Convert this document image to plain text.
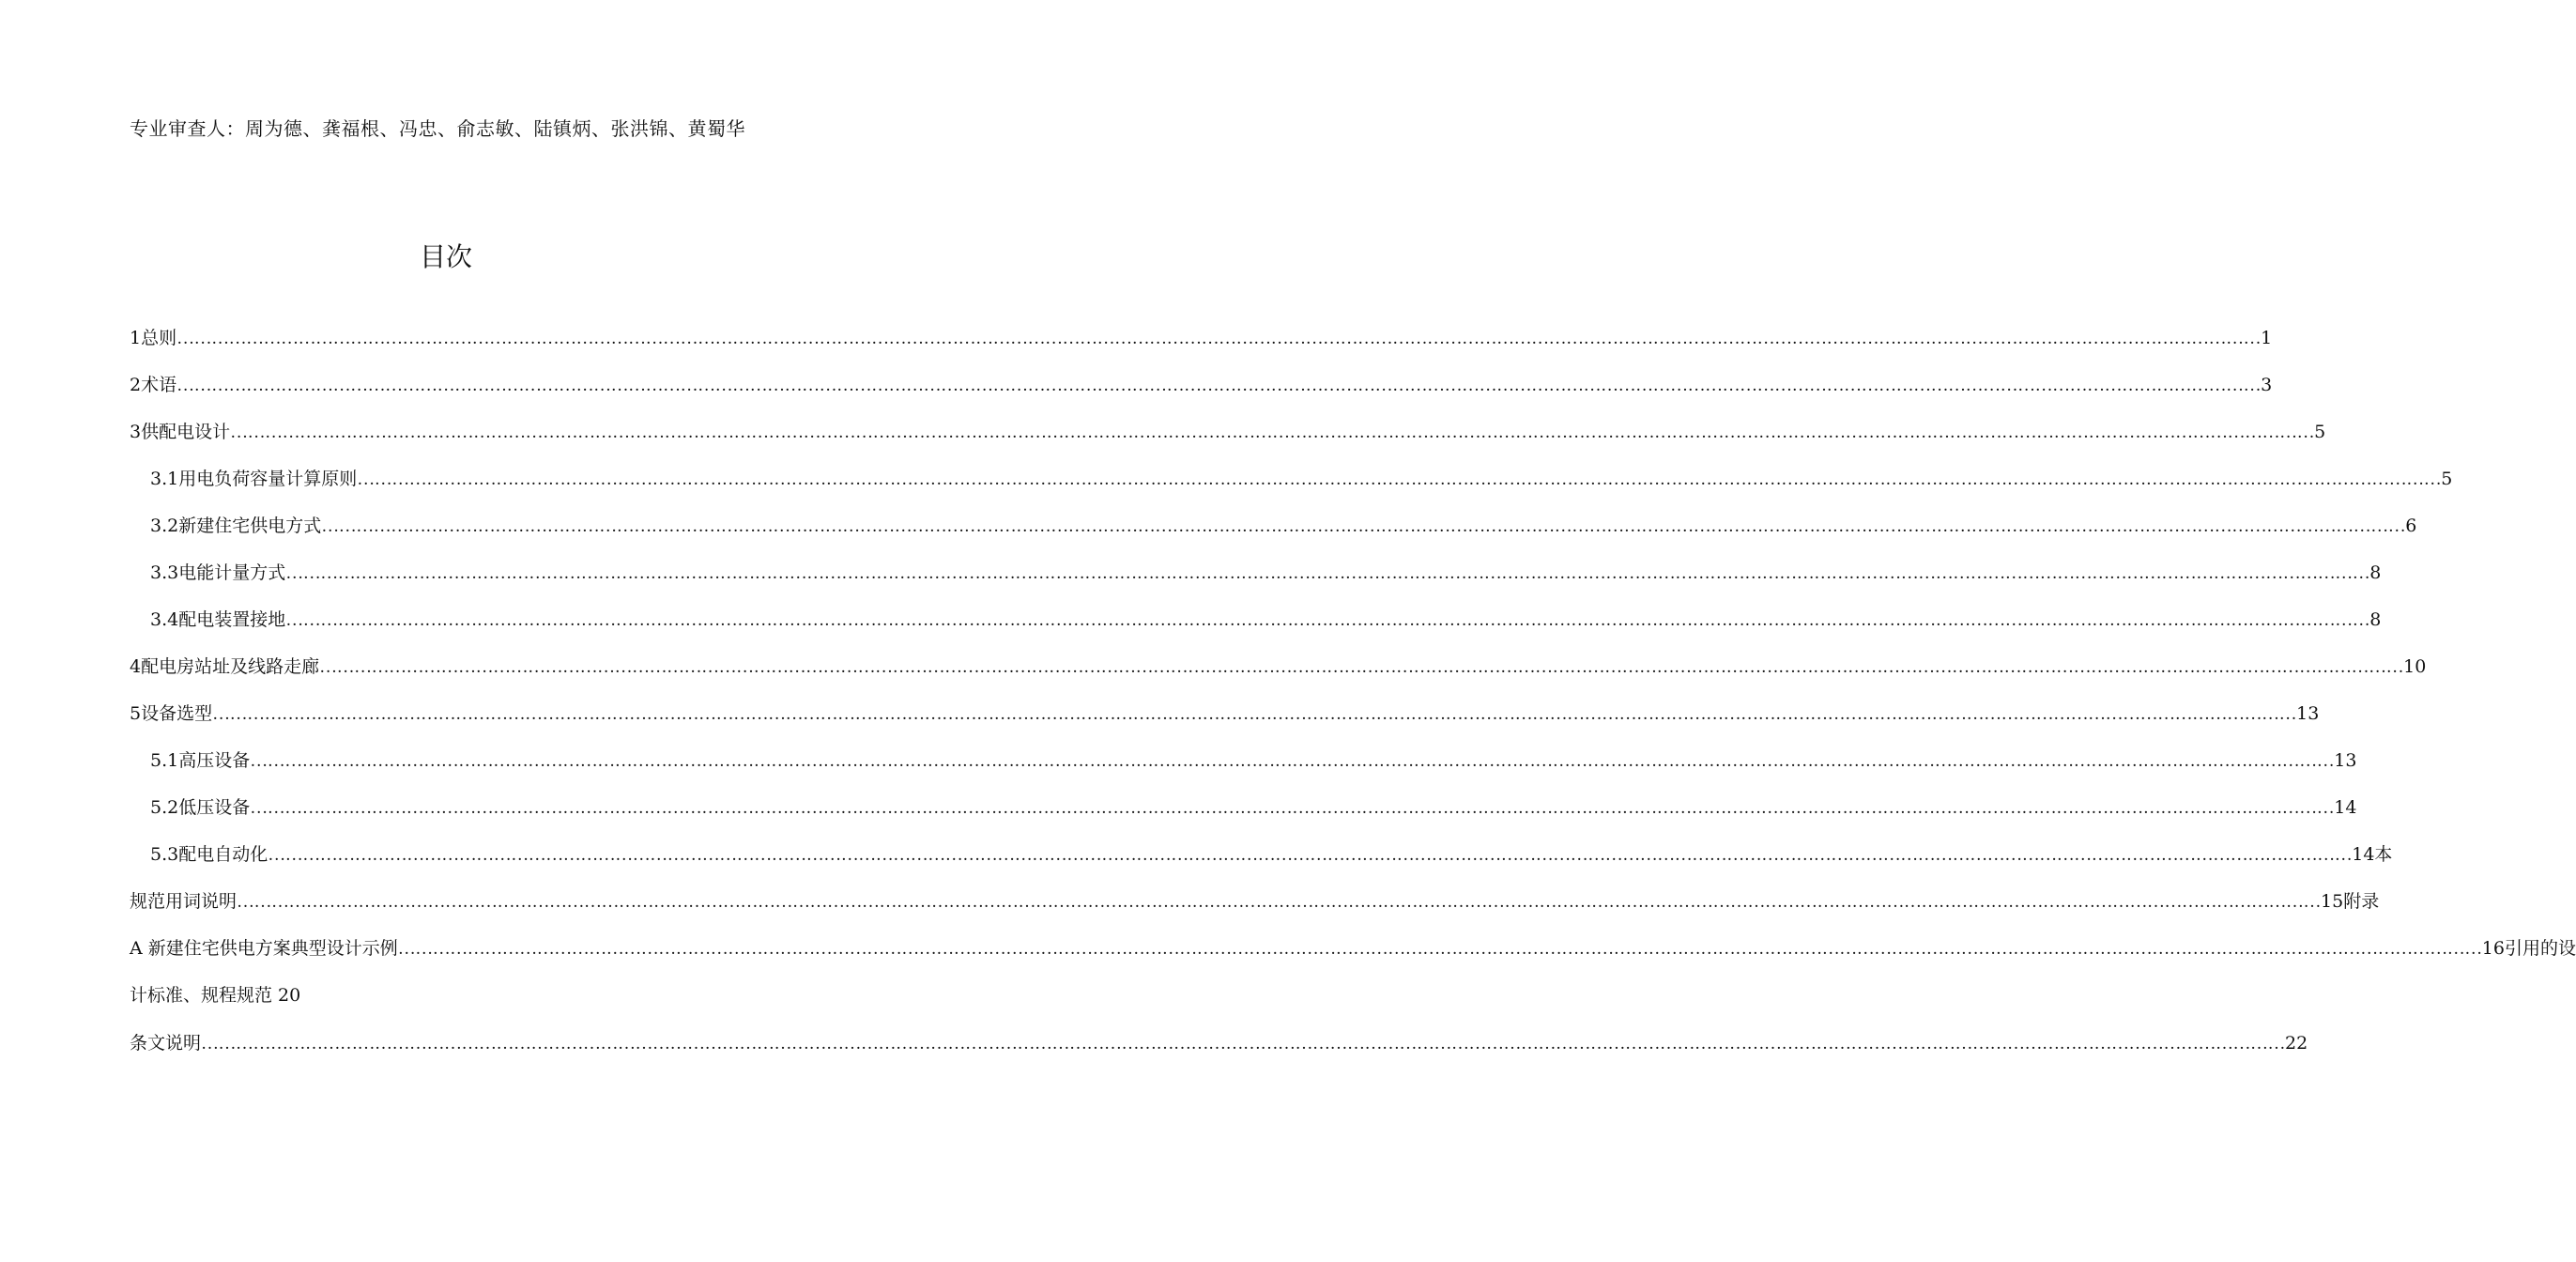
专业审查人：周为德、龚福根、冯忠、俞志敏、陆镇炳、张洪锦、黄蜀华
目次
1 总则 ……………………………………………………………………………………………………………………………………………………………………………………………………………………………………………………………………………………………………………………………… 1
2 术语 ……………………………………………………………………………………………………………………………………………………………………………………………………………………………………………………………………………………………………………………………… 3
3 供配电设计 ……………………………………………………………………………………………………………………………………………………………………………………………………………………………………………………………………………………………………………………………… 5
3.1 用电负荷容量计算原则 ……………………………………………………………………………………………………………………………………………………………………………………………………………………………………………………………………………………………………………………………… 5
3.2 新建住宅供电方式 ……………………………………………………………………………………………………………………………………………………………………………………………………………………………………………………………………………………………………………………………… 6
3.3 电能计量方式 ……………………………………………………………………………………………………………………………………………………………………………………………………………………………………………………………………………………………………………………………… 8
3.4 配电装置接地 ……………………………………………………………………………………………………………………………………………………………………………………………………………………………………………………………………………………………………………………………… 8
4 配电房站址及线路走廊 ……………………………………………………………………………………………………………………………………………………………………………………………………………………………………………………………………………………………………………………………… 10
5 设备选型 ……………………………………………………………………………………………………………………………………………………………………………………………………………………………………………………………………………………………………………………………… 13
5.1 高压设备 ……………………………………………………………………………………………………………………………………………………………………………………………………………………………………………………………………………………………………………………………… 13
5.2 低压设备 ……………………………………………………………………………………………………………………………………………………………………………………………………………………………………………………………………………………………………………………………… 14
5.3 配电自动化 ……………………………………………………………………………………………………………………………………………………………………………………………………………………………………………………………………………………………………………………………… 14 本
规范用词说明 ……………………………………………………………………………………………………………………………………………………………………………………………………………………………………………………………………………………………………………………………… 15 附录
A 新建住宅供电方案典型设计示例 ……………………………………………………………………………………………………………………………………………………………………………………………………………………………………………………………………………………………………………………………… 16 引用的设
计标准、规程规范 20
条文说明 ……………………………………………………………………………………………………………………………………………………………………………………………………………………………………………………………………………………………………………………………… 22
